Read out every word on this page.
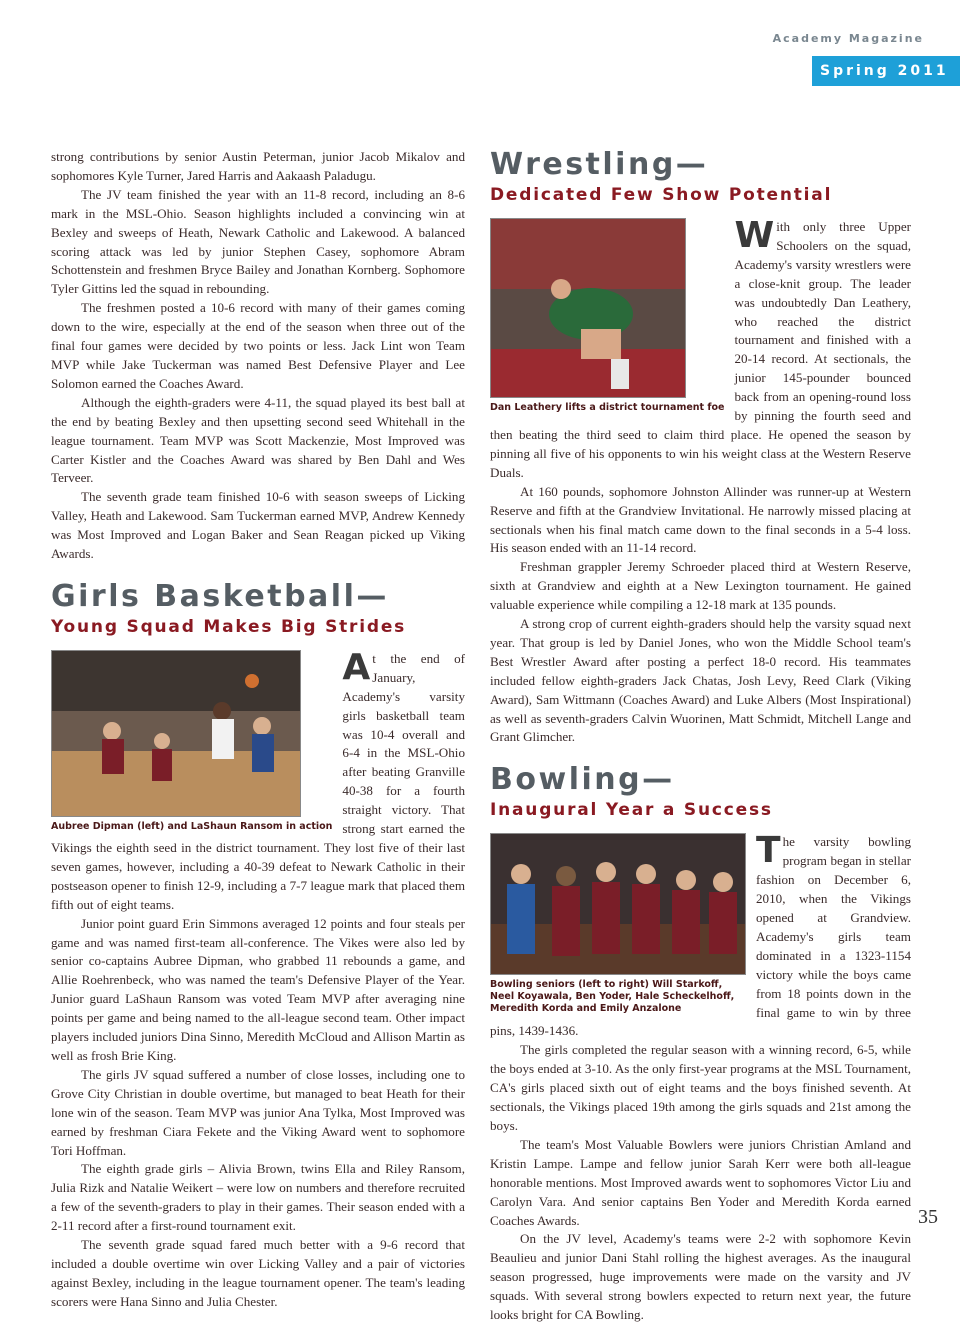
Academy Magazine
Spring 2011

strong contributions by senior Austin Peterman, junior Jacob Mikalov and sophomores Kyle Turner, Jared Harris and Aakaash Paladugu.

The JV team finished the year with an 11-8 record, including an 8-6 mark in the MSL-Ohio. Season highlights included a convincing win at Bexley and sweeps of Heath, Newark Catholic and Lakewood. A balanced scoring attack was led by junior Stephen Casey, sophomore Abram Schottenstein and freshmen Bryce Bailey and Jonathan Kornberg. Sophomore Tyler Gittins led the squad in rebounding.

The freshmen posted a 10-6 record with many of their games coming down to the wire, especially at the end of the season when three out of the final four games were decided by two points or less. Jack Lint won Team MVP while Jake Tuckerman was named Best Defensive Player and Lee Solomon earned the Coaches Award.

Although the eighth-graders were 4-11, the squad played its best ball at the end by beating Bexley and then upsetting second seed Whitehall in the league tournament. Team MVP was Scott Mackenzie, Most Improved was Carter Kistler and the Coaches Award was shared by Ben Dahl and Wes Terveer.

The seventh grade team finished 10-6 with season sweeps of Licking Valley, Heath and Lakewood. Sam Tuckerman earned MVP, Andrew Kennedy was Most Improved and Logan Baker and Sean Reagan picked up Viking Awards.

Girls Basketball—
Young Squad Makes Big Strides
Aubree Dipman (left) and LaShaun Ransom in action
A t the end of January, Academy's varsity girls basketball team was 10-4 overall and 6-4 in the MSL-Ohio after beating Granville 40-38 for a fourth straight victory. That strong start earned the Vikings the eighth seed in the district tournament. They lost five of their last seven games, however, including a 40-39 defeat to Newark Catholic in their postseason opener to finish 12-9, including a 7-7 league mark that placed them fifth out of eight teams.

Junior point guard Erin Simmons averaged 12 points and four steals per game and was named first-team all-conference. The Vikes were also led by senior co-captains Aubree Dipman, who grabbed 11 rebounds a game, and Allie Roehrenbeck, who was named the team's Defensive Player of the Year. Junior guard LaShaun Ransom was voted Team MVP after averaging nine points per game and being named to the all-league second team. Other impact players included juniors Dina Sinno, Meredith McCloud and Allison Martin as well as frosh Brie King.

The girls JV squad suffered a number of close losses, including one to Grove City Christian in double overtime, but managed to beat Heath for their lone win of the season. Team MVP was junior Ana Tylka, Most Improved was earned by freshman Ciara Fekete and the Viking Award went to sophomore Tori Hoffman.

The eighth grade girls – Alivia Brown, twins Ella and Riley Ransom, Julia Rizk and Natalie Weikert – were low on numbers and therefore recruited a few of the seventh-graders to play in their games. Their season ended with a 2-11 record after a first-round tournament exit.

The seventh grade squad fared much better with a 9-6 record that included a double overtime win over Licking Valley and a pair of victories against Bexley, including in the league tournament opener. The team's leading scorers were Hana Sinno and Julia Chester.

Wrestling—
Dedicated Few Show Potential
Dan Leathery lifts a district tournament foe
W ith only three Upper Schoolers on the squad, Academy's varsity wrestlers were a close-knit group. The leader was undoubtedly Dan Leathery, who reached the district tournament and finished with a 20-14 record. At sectionals, the junior 145-pounder bounced back from an opening-round loss by pinning the fourth seed and then beating the third seed to claim third place. He opened the season by pinning all five of his opponents to win his weight class at the Western Reserve Duals.

At 160 pounds, sophomore Johnston Allinder was runner-up at Western Reserve and fifth at the Grandview Invitational. He narrowly missed placing at sectionals when his final match came down to the final seconds in a 5-4 loss. His season ended with an 11-14 record.

Freshman grappler Jeremy Schroeder placed third at Western Reserve, sixth at Grandview and eighth at a New Lexington tournament. He gained valuable experience while compiling a 12-18 mark at 135 pounds.

A strong crop of current eighth-graders should help the varsity squad next year. That group is led by Daniel Jones, who won the Middle School team's Best Wrestler Award after posting a perfect 18-0 record. His teammates included fellow eighth-graders Jack Chatas, Josh Levy, Reed Clark (Viking Award), Sam Wittmann (Coaches Award) and Luke Albers (Most Inspirational) as well as seventh-graders Calvin Wuorinen, Matt Schmidt, Mitchell Lange and Grant Glimcher.

Bowling—
Inaugural Year a Success
Bowling seniors (left to right) Will Starkoff, Neel Koyawala, Ben Yoder, Hale Scheckelhoff, Meredith Korda and Emily Anzalone
T he varsity bowling program began in stellar fashion on December 6, 2010, when the Vikings opened at Grandview. Academy's girls team dominated in a 1323-1154 victory while the boys came from 18 points down in the final game to win by three pins, 1439-1436.

The girls completed the regular season with a winning record, 6-5, while the boys ended at 3-10. As the only first-year programs at the MSL Tournament, CA's girls placed sixth out of eight teams and the boys finished seventh. At sectionals, the Vikings placed 19th among the girls squads and 21st among the boys.

The team's Most Valuable Bowlers were juniors Christian Amland and Kristin Lampe. Lampe and fellow junior Sarah Kerr were both all-league honorable mentions. Most Improved awards went to sophomores Victor Liu and Carolyn Vara. And senior captains Ben Yoder and Meredith Korda earned Coaches Awards.

On the JV level, Academy's teams were 2-2 with sophomore Kevin Beaulieu and junior Dani Stahl rolling the highest averages. As the inaugural season progressed, huge improvements were made on the varsity and JV squads. With several strong bowlers expected to return next year, the future looks bright for CA Bowling.

35
